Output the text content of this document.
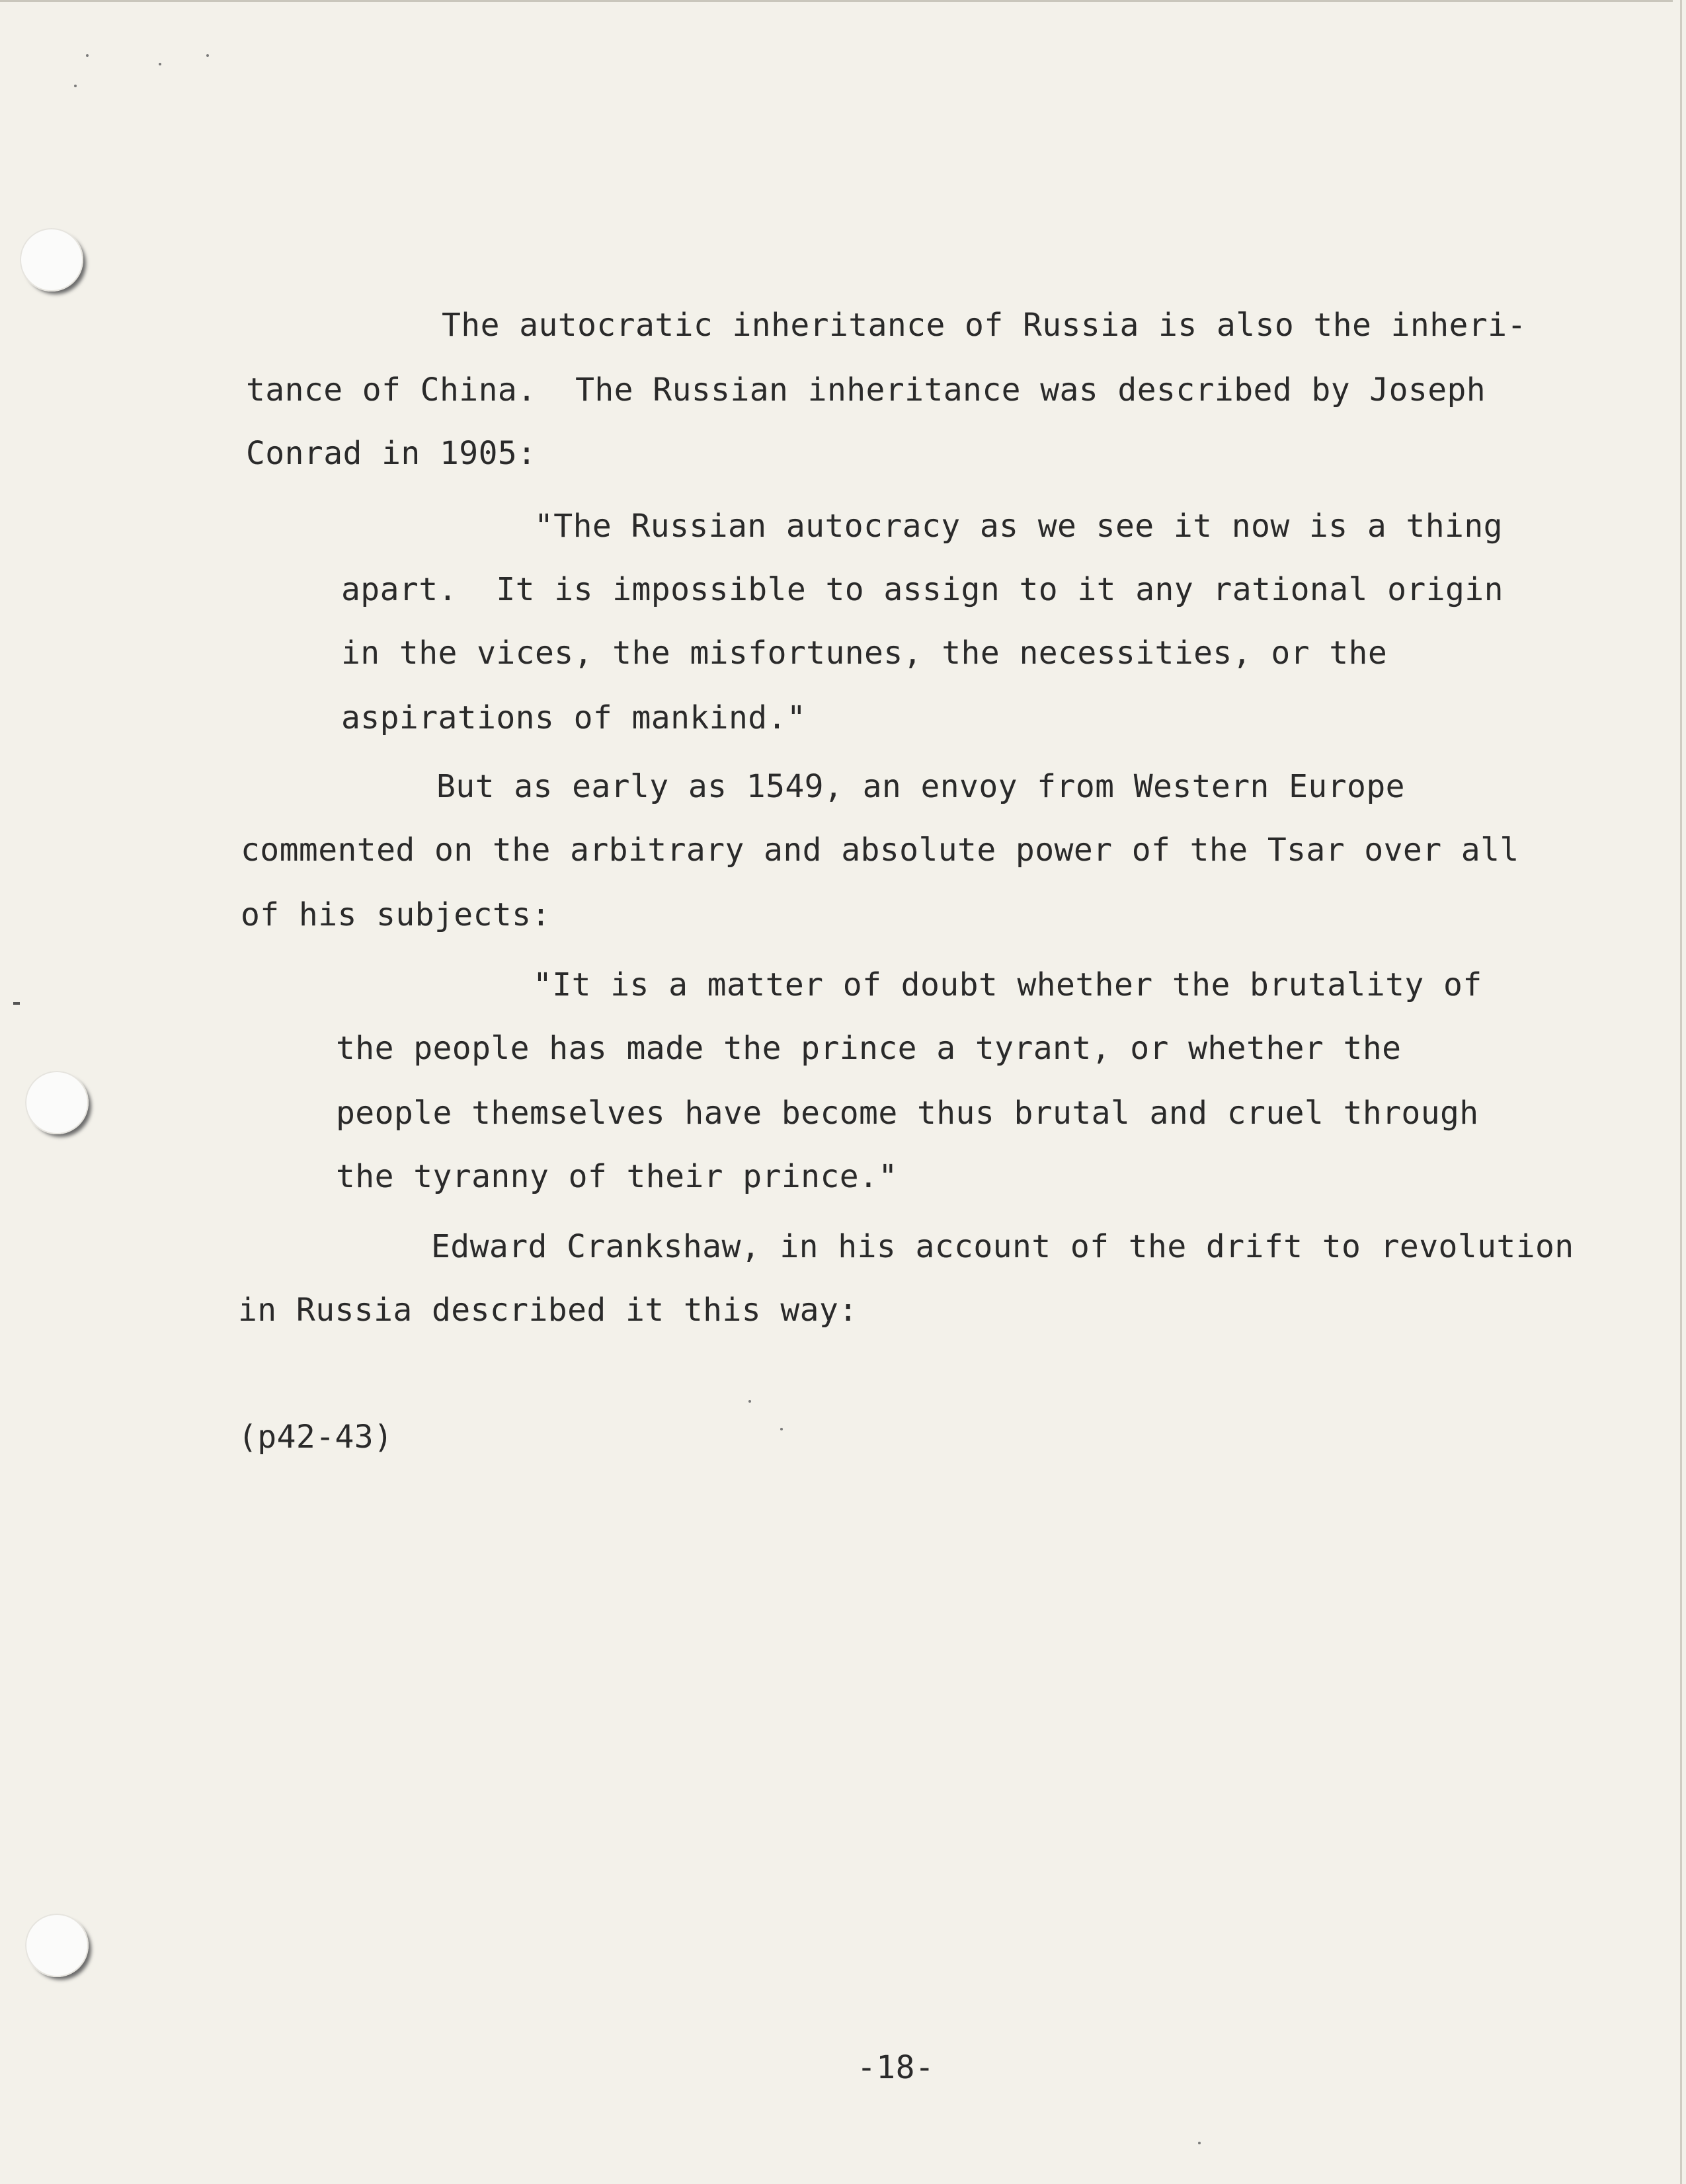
The autocratic inheritance of Russia is also the inheri-

tance of China.  The Russian inheritance was described by Joseph

Conrad in 1905:

"The Russian autocracy as we see it now is a thing

apart.  It is impossible to assign to it any rational origin

in the vices, the misfortunes, the necessities, or the

aspirations of mankind."

But as early as 1549, an envoy from Western Europe

commented on the arbitrary and absolute power of the Tsar over all

of his subjects:

"It is a matter of doubt whether the brutality of

the people has made the prince a tyrant, or whether the

people themselves have become thus brutal and cruel through

the tyranny of their prince."

Edward Crankshaw, in his account of the drift to revolution

in Russia described it this way:

(p42-43)

-18-
